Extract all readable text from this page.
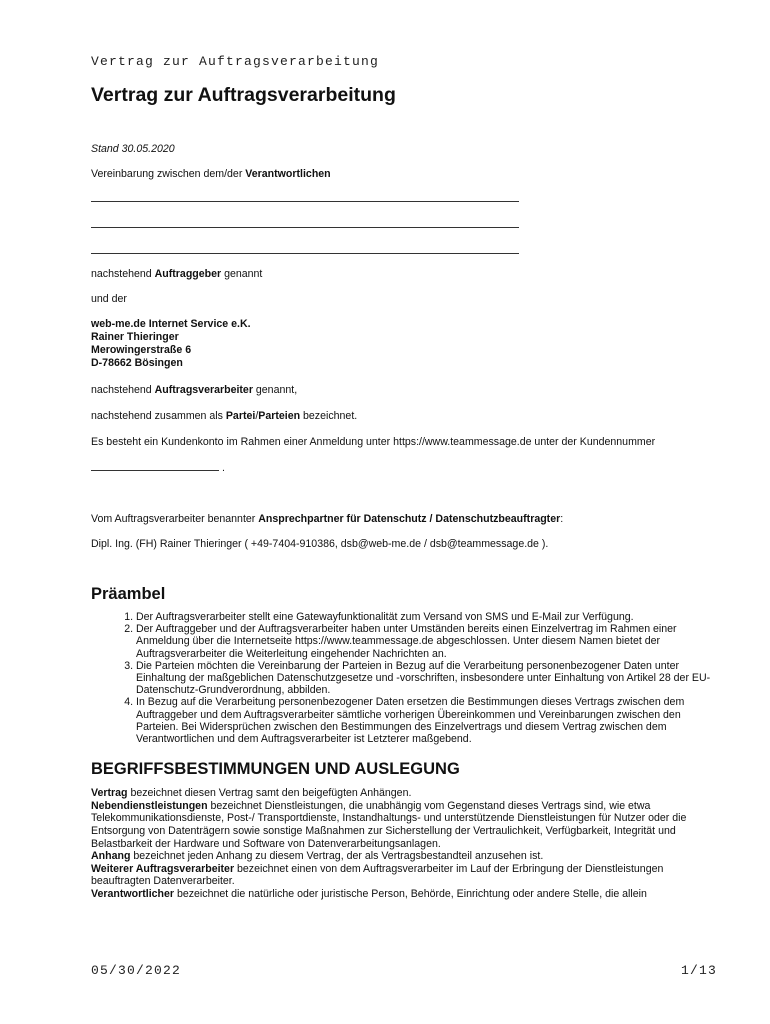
Vertrag zur Auftragsverarbeitung
Vertrag zur Auftragsverarbeitung

Stand 30.05.2020

Vereinbarung zwischen dem/der Verantwortlichen

nachstehend Auftraggeber genannt

und der

web-me.de Internet Service e.K.

Rainer Thieringer

Merowingerstraße 6

D-78662 Bösingen

nachstehend Auftragsverarbeiter genannt,

nachstehend zusammen als Partei/Parteien bezeichnet.

Es besteht ein Kundenkonto im Rahmen einer Anmeldung unter https://www.teammessage.de unter der Kundennummer

.

Vom Auftragsverarbeiter benannter Ansprechpartner für Datenschutz / Datenschutzbeauftragter:

Dipl. Ing. (FH) Rainer Thieringer ( +49-7404-910386, dsb@web-me.de / dsb@teammessage.de ).

Präambel
1. Der Auftragsverarbeiter stellt eine Gatewayfunktionalität zum Versand von SMS und E-Mail zur Verfügung.
2. Der Auftraggeber und der Auftragsverarbeiter haben unter Umständen bereits einen Einzelvertrag im Rahmen einer Anmeldung über die Internetseite https://www.teammessage.de abgeschlossen. Unter diesem Namen bietet der Auftragsverarbeiter die Weiterleitung eingehender Nachrichten an.
3. Die Parteien möchten die Vereinbarung der Parteien in Bezug auf die Verarbeitung personenbezogener Daten unter Einhaltung der maßgeblichen Datenschutzgesetze und -vorschriften, insbesondere unter Einhaltung von Artikel 28 der EU-Datenschutz-Grundverordnung, abbilden.
4. In Bezug auf die Verarbeitung personenbezogener Daten ersetzen die Bestimmungen dieses Vertrags zwischen dem Auftraggeber und dem Auftragsverarbeiter sämtliche vorherigen Übereinkommen und Vereinbarungen zwischen den Parteien. Bei Widersprüchen zwischen den Bestimmungen des Einzelvertrags und diesem Vertrag zwischen dem Verantwortlichen und dem Auftragsverarbeiter ist Letzterer maßgebend.
BEGRIFFSBESTIMMUNGEN UND AUSLEGUNG

Vertrag bezeichnet diesen Vertrag samt den beigefügten Anhängen.

Nebendienstleistungen bezeichnet Dienstleistungen, die unabhängig vom Gegenstand dieses Vertrags sind, wie etwa Telekommunikationsdienste, Post-/ Transportdienste, Instandhaltungs- und unterstützende Dienstleistungen für Nutzer oder die Entsorgung von Datenträgern sowie sonstige Maßnahmen zur Sicherstellung der Vertraulichkeit, Verfügbarkeit, Integrität und Belastbarkeit der Hardware und Software von Datenverarbeitungsanlagen.

Anhang bezeichnet jeden Anhang zu diesem Vertrag, der als Vertragsbestandteil anzusehen ist.

Weiterer Auftragsverarbeiter bezeichnet einen von dem Auftragsverarbeiter im Lauf der Erbringung der Dienstleistungen beauftragten Datenverarbeiter.

Verantwortlicher bezeichnet die natürliche oder juristische Person, Behörde, Einrichtung oder andere Stelle, die allein

05/30/2022	1/13
